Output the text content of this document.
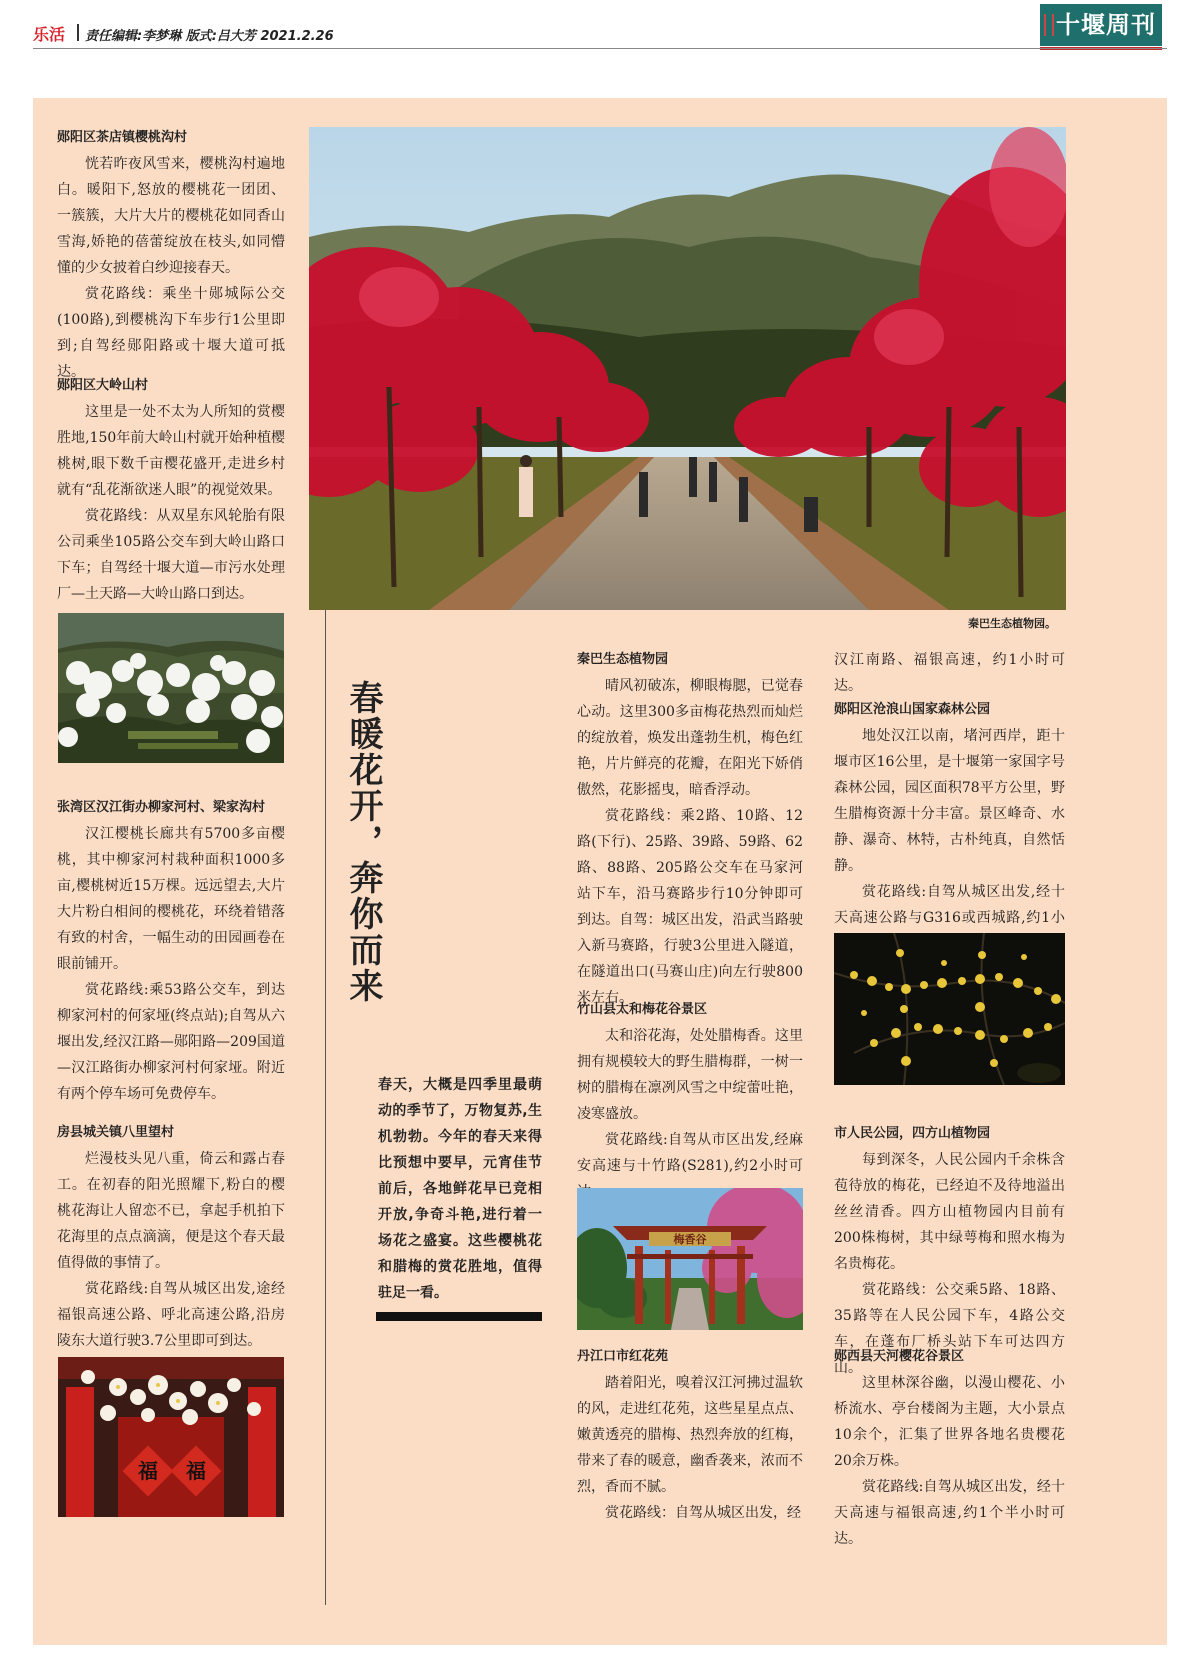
乐活 责任编辑:李梦琳 版式:吕大芳 2021.2.26	十堰周刊
郧阳区茶店镇樱桃沟村

恍若昨夜风雪来，樱桃沟村遍地白。暖阳下,怒放的樱桃花一团团、一簇簇，大片大片的樱桃花如同香山雪海,娇艳的蓓蕾绽放在枝头,如同懵懂的少女披着白纱迎接春天。

赏花路线：乘坐十郧城际公交(100路),到樱桃沟下车步行1公里即到;自驾经郧阳路或十堰大道可抵达。

郧阳区大岭山村

这里是一处不太为人所知的赏樱胜地,150年前大岭山村就开始种植樱桃树,眼下数千亩樱花盛开,走进乡村就有“乱花渐欲迷人眼”的视觉效果。

赏花路线：从双星东风轮胎有限公司乘坐105路公交车到大岭山路口下车；自驾经十堰大道—市污水处理厂—土天路—大岭山路口到达。

张湾区汉江街办柳家河村、梁家沟村

汉江樱桃长廊共有5700多亩樱桃，其中柳家河村栽种面积1000多亩,樱桃树近15万棵。远远望去,大片大片粉白相间的樱桃花，环绕着错落有致的村舍，一幅生动的田园画卷在眼前铺开。

赏花路线:乘53路公交车，到达柳家河村的何家垭(终点站);自驾从六堰出发,经汉江路—郧阳路—209国道—汉江路街办柳家河村何家垭。附近有两个停车场可免费停车。

房县城关镇八里望村

烂漫枝头见八重，倚云和露占春工。在初春的阳光照耀下,粉白的樱桃花海让人留恋不已，拿起手机拍下花海里的点点滴滴，便是这个春天最值得做的事情了。

赏花路线:自驾从城区出发,途经福银高速公路、呼北高速公路,沿房陵东大道行驶3.7公里即可到达。

福 福
秦巴生态植物园。
春暖花开，奔你而来
春天，大概是四季里最萌动的季节了，万物复苏,生机勃勃。今年的春天来得比预想中要早，元宵佳节前后，各地鲜花早已竞相开放,争奇斗艳,进行着一场花之盛宴。这些樱桃花和腊梅的赏花胜地，值得驻足一看。
秦巴生态植物园

晴风初破冻，柳眼梅腮，已觉春心动。这里300多亩梅花热烈而灿烂的绽放着，焕发出蓬勃生机，梅色红艳，片片鲜亮的花瓣，在阳光下娇俏傲然，花影摇曳，暗香浮动。

赏花路线：乘2路、10路、12路(下行)、25路、39路、59路、62路、88路、205路公交车在马家河站下车，沿马赛路步行10分钟即可到达。自驾：城区出发，沿武当路驶入新马赛路，行驶3公里进入隧道，在隧道出口(马赛山庄)向左行驶800米左右。

竹山县太和梅花谷景区

太和浴花海，处处腊梅香。这里拥有规模较大的野生腊梅群，一树一树的腊梅在凛冽风雪之中绽蕾吐艳，凌寒盛放。

赏花路线:自驾从市区出发,经麻安高速与十竹路(S281),约2小时可

梅香谷
丹江口市红花苑

踏着阳光，嗅着汉江河拂过温软的风，走进红花苑，这些星星点点、嫩黄透亮的腊梅、热烈奔放的红梅，带来了春的暖意，幽香袭来，浓而不烈，香而不腻。

赏花路线：自驾从城区出发，经

汉江南路、福银高速，约1小时可达。

郧阳区沧浪山国家森林公园

地处汉江以南，堵河西岸，距十堰市区16公里，是十堰第一家国字号森林公园，园区面积78平方公里，野生腊梅资源十分丰富。景区峰奇、水静、瀑奇、林特，古朴纯真，自然恬静。

赏花路线:自驾从城区出发,经十天高速公路与G316或西城路,约1小

市人民公园，四方山植物园

每到深冬，人民公园内千余株含苞待放的梅花，已经迫不及待地溢出丝丝清香。四方山植物园内目前有200株梅树，其中绿萼梅和照水梅为名贵梅花。

赏花路线：公交乘5路、18路、35路等在人民公园下车，4路公交车，在蓬布厂桥头站下车可达四方山。

郧西县天河樱花谷景区

这里林深谷幽，以漫山樱花、小桥流水、亭台楼阁为主题，大小景点10余个，汇集了世界各地名贵樱花20余万株。

赏花路线:自驾从城区出发，经十天高速与福银高速,约1个半小时可达。
